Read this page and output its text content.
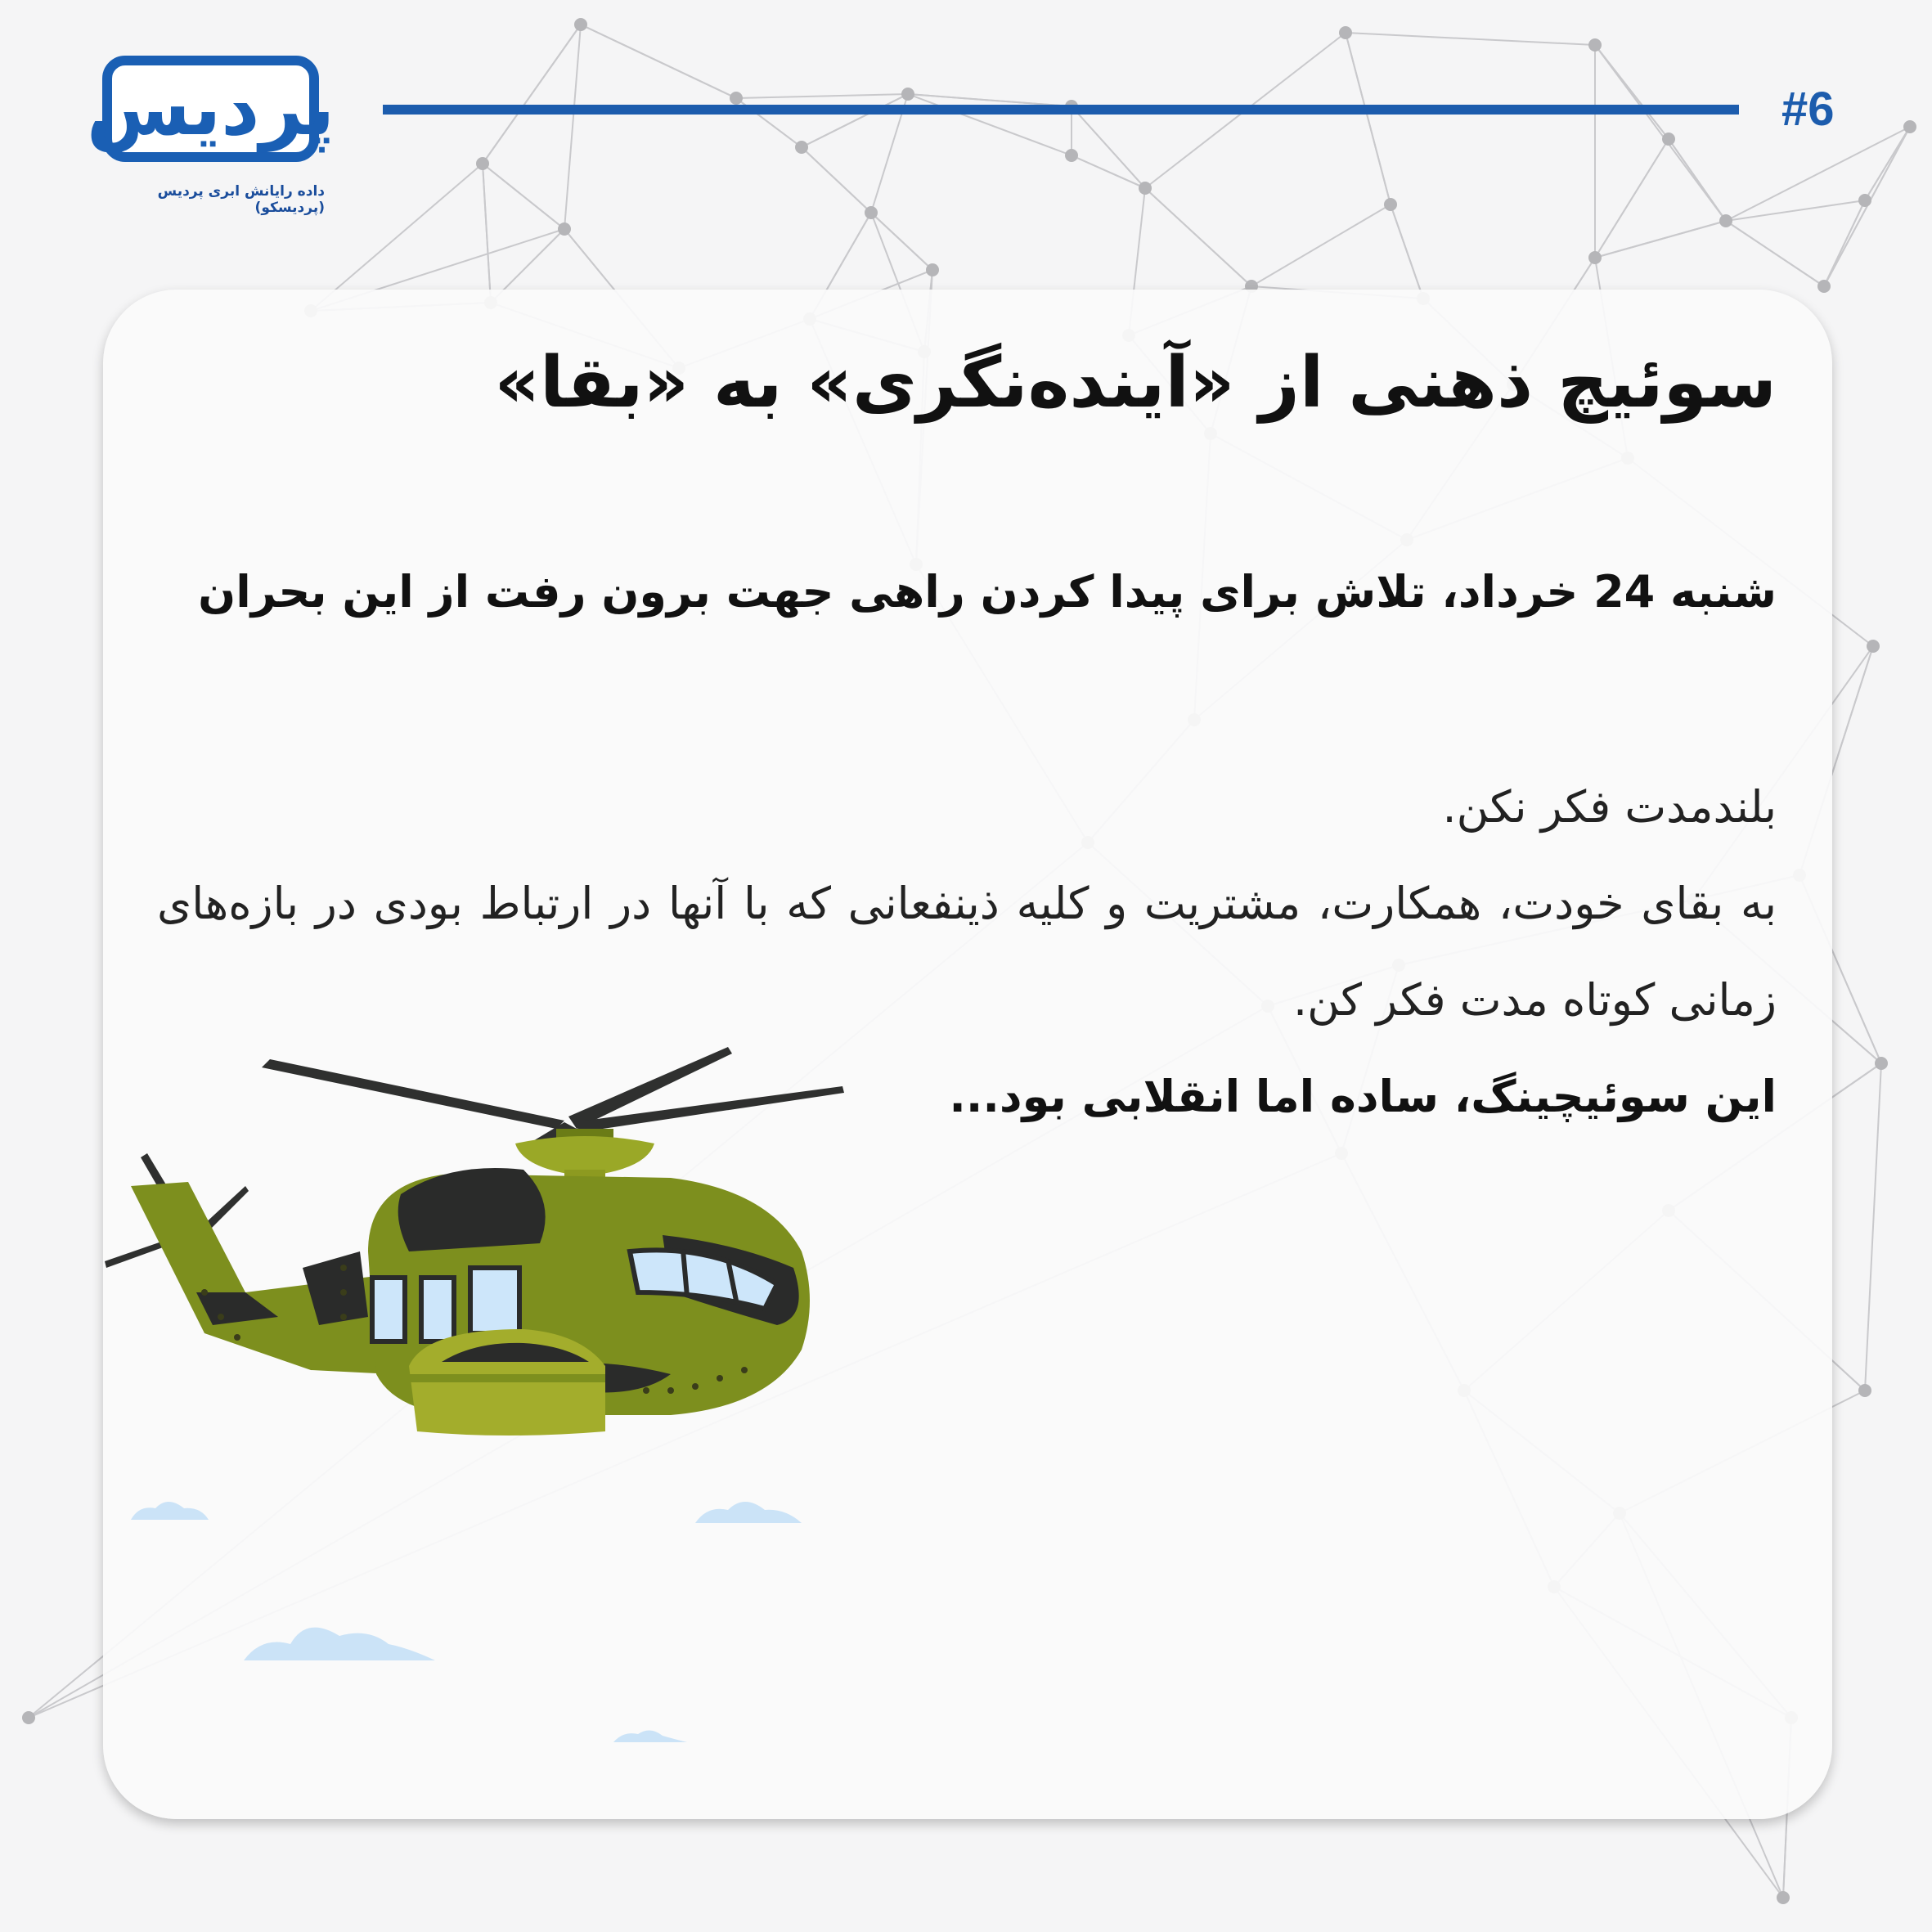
پردیس
داده رایانش ابری پردیس (پردیسکو)
#6
سوئیچ ذهنی از «آینده‌نگری» به «بقا»
شنبه 24 خرداد، تلاش برای پیدا کردن راهی جهت برون رفت از این بحران

بلندمدت فکر نکن.

به بقای خودت، همکارت، مشتریت و کلیه ذینفعانی که با آنها در ارتباط بودی در بازه‌های زمانی کوتاه مدت فکر کن.

این سوئیچینگ، ساده اما انقلابی بود...
